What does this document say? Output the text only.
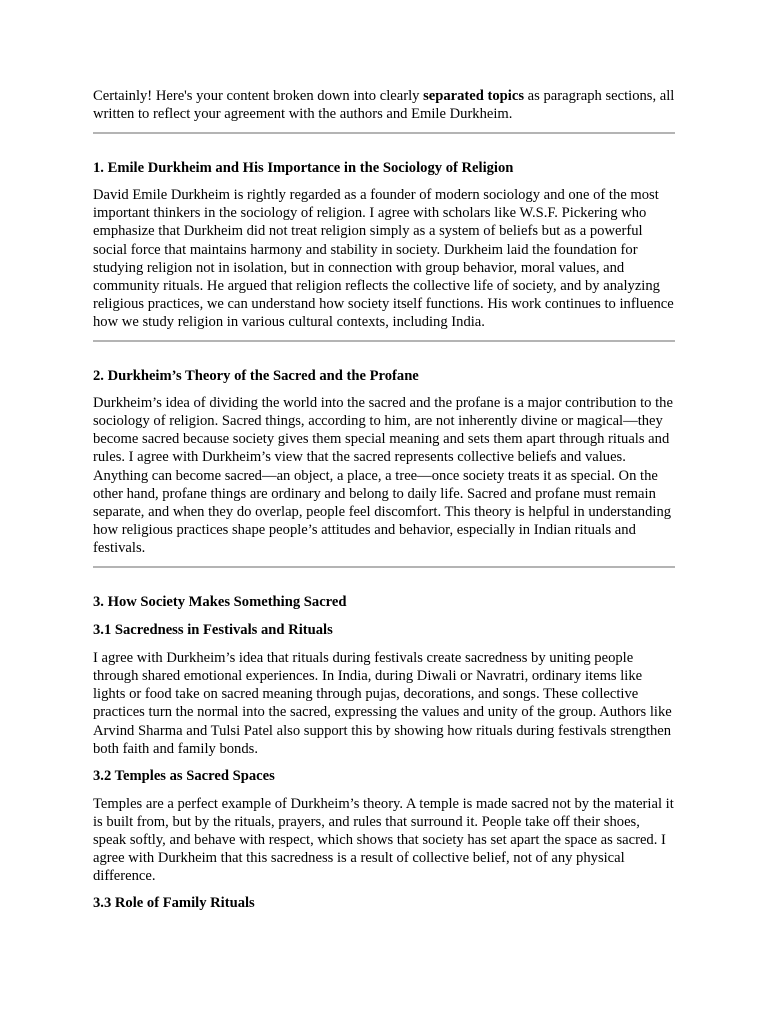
Certainly! Here's your content broken down into clearly separated topics as paragraph sections, all written to reflect your agreement with the authors and Emile Durkheim.

1. Emile Durkheim and His Importance in the Sociology of Religion

David Emile Durkheim is rightly regarded as a founder of modern sociology and one of the most important thinkers in the sociology of religion. I agree with scholars like W.S.F. Pickering who emphasize that Durkheim did not treat religion simply as a system of beliefs but as a powerful social force that maintains harmony and stability in society. Durkheim laid the foundation for studying religion not in isolation, but in connection with group behavior, moral values, and community rituals. He argued that religion reflects the collective life of society, and by analyzing religious practices, we can understand how society itself functions. His work continues to influence how we study religion in various cultural contexts, including India.

2. Durkheim’s Theory of the Sacred and the Profane

Durkheim’s idea of dividing the world into the sacred and the profane is a major contribution to the sociology of religion. Sacred things, according to him, are not inherently divine or magical—they become sacred because society gives them special meaning and sets them apart through rituals and rules. I agree with Durkheim’s view that the sacred represents collective beliefs and values. Anything can become sacred—an object, a place, a tree—once society treats it as special. On the other hand, profane things are ordinary and belong to daily life. Sacred and profane must remain separate, and when they do overlap, people feel discomfort. This theory is helpful in understanding how religious practices shape people’s attitudes and behavior, especially in Indian rituals and festivals.

3. How Society Makes Something Sacred

3.1 Sacredness in Festivals and Rituals

I agree with Durkheim’s idea that rituals during festivals create sacredness by uniting people through shared emotional experiences. In India, during Diwali or Navratri, ordinary items like lights or food take on sacred meaning through pujas, decorations, and songs. These collective practices turn the normal into the sacred, expressing the values and unity of the group. Authors like Arvind Sharma and Tulsi Patel also support this by showing how rituals during festivals strengthen both faith and family bonds.

3.2 Temples as Sacred Spaces

Temples are a perfect example of Durkheim’s theory. A temple is made sacred not by the material it is built from, but by the rituals, prayers, and rules that surround it. People take off their shoes, speak softly, and behave with respect, which shows that society has set apart the space as sacred. I agree with Durkheim that this sacredness is a result of collective belief, not of any physical difference.

3.3 Role of Family Rituals
